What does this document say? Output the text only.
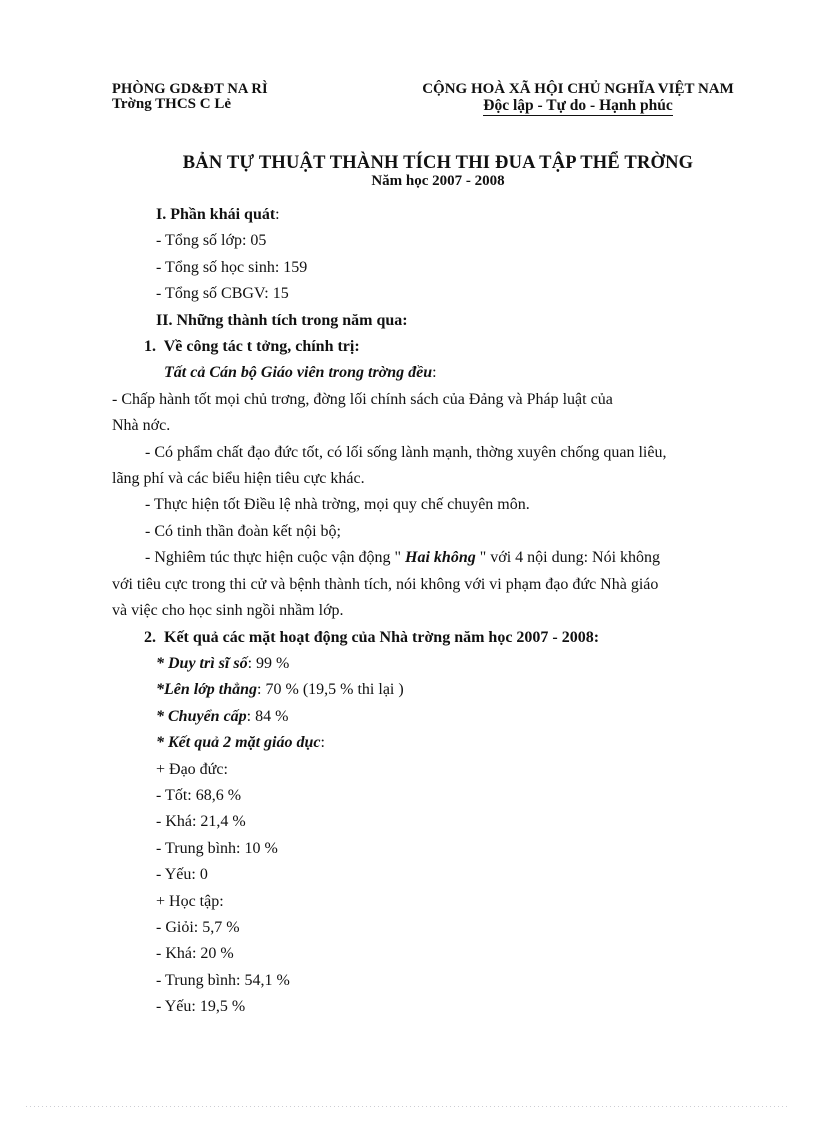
PHÒNG GD&ĐT NA RÌ
Trờng THCS C Lẻ
CỘNG HOÀ XÃ HỘI CHỦ NGHĨA VIỆT NAM
Độc lập - Tự do - Hạnh phúc
BẢN TỰ THUẬT THÀNH TÍCH THI ĐUA TẬP THỂ TRỜNG
Năm học 2007 - 2008
I. Phần khái quát:
- Tổng số lớp: 05
- Tổng số học sinh: 159
- Tổng số CBGV: 15
II. Những thành tích trong năm qua:
1. Về công tác t tởng, chính trị:
Tất cả Cán bộ Giáo viên trong trờng đều:
- Chấp hành tốt mọi chủ trơng, đờng lối chính sách của Đảng và Pháp luật của
Nhà nớc.
- Có phẩm chất đạo đức tốt, có lối sống lành mạnh, thờng xuyên chống quan liêu,
lãng phí và các biểu hiện tiêu cực khác.
- Thực hiện tốt Điều lệ nhà trờng, mọi quy chế chuyên môn.
- Có tinh thần đoàn kết nội bộ;
- Nghiêm túc thực hiện cuộc vận động " Hai không " với 4 nội dung: Nói không
với tiêu cực trong thi cử và bệnh thành tích, nói không với vi phạm đạo đức Nhà giáo
và việc cho học sinh ngồi nhầm lớp.
2. Kết quả các mặt hoạt động của Nhà trờng năm học 2007 - 2008:
* Duy trì sĩ số: 99 %
*Lên lớp thẳng: 70 % (19,5 % thi lại )
* Chuyển cấp: 84 %
* Kết quả 2 mặt giáo dục:
+ Đạo đức:
- Tốt: 68,6 %
- Khá: 21,4 %
- Trung bình: 10 %
- Yếu: 0
+ Học tập:
- Giỏi: 5,7 %
- Khá: 20 %
- Trung bình: 54,1 %
- Yếu: 19,5 %
